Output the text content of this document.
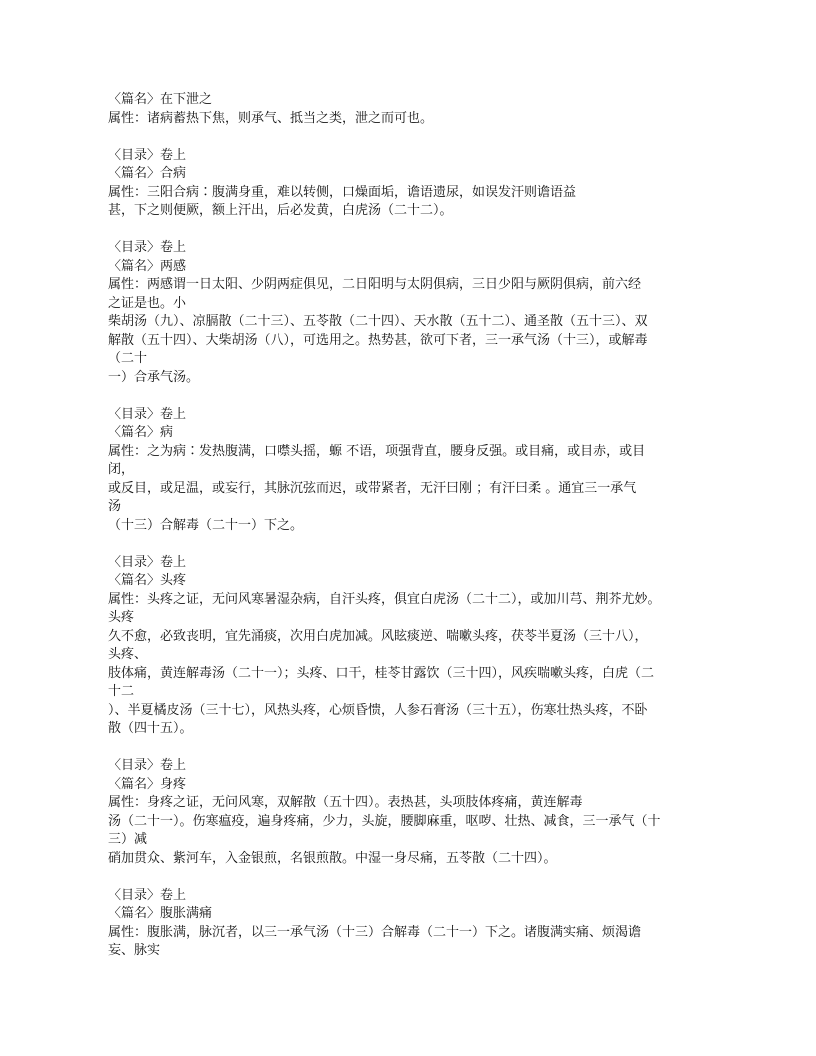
〈篇名〉在下泄之
属性：诸病蓄热下焦，则承气、抵当之类，泄之而可也。
〈目录〉卷上
〈篇名〉合病
属性：三阳合病∶腹满身重，难以转侧，口燥面垢，谵语遗尿，如误发汗则谵语益
甚，下之则便厥，额上汗出，后必发黄，白虎汤（二十二）。
〈目录〉卷上
〈篇名〉两感
属性：两感谓一日太阳、少阴两症俱见，二日阳明与太阴俱病，三日少阳与厥阴俱病，前六经
之证是也。小
柴胡汤（九）、凉膈散（二十三）、五苓散（二十四）、天水散（五十二）、通圣散（五十三）、双
解散（五十四）、大柴胡汤（八），可选用之。热势甚，欲可下者，三一承气汤（十三），或解毒
（二十
一）合承气汤。
〈目录〉卷上
〈篇名〉病
属性：之为病∶发热腹满，口噤头摇，螈 不语，项强背直，腰身反强。或目痛，或目赤，或目
闭，
或反目，或足温，或妄行，其脉沉弦而迟，或带紧者，无汗曰刚 ；有汗曰柔 。通宜三一承气
汤
（十三）合解毒（二十一）下之。
〈目录〉卷上
〈篇名〉头疼
属性：头疼之证，无问风寒暑湿杂病，自汗头疼，俱宜白虎汤（二十二），或加川芎、荆芥尤妙。
头疼
久不愈，必致丧明，宜先涌痰，次用白虎加减。风眩痰逆、喘嗽头疼，茯苓半夏汤（三十八），
头疼、
肢体痛，黄连解毒汤（二十一）；头疼、口干，桂苓甘露饮（三十四），风疾喘嗽头疼，白虎（二
十二
）、半夏橘皮汤（三十七），风热头疼，心烦昏愦，人参石膏汤（三十五），伤寒壮热头疼，不卧
散（四十五）。
〈目录〉卷上
〈篇名〉身疼
属性：身疼之证，无问风寒，双解散（五十四）。表热甚，头项肢体疼痛，黄连解毒
汤（二十一）。伤寒瘟疫，遍身疼痛，少力，头旋，腰脚麻重，呕哕、壮热、减食，三一承气（十
三）减
硝加贯众、紫河车，入金银煎，名银煎散。中湿一身尽痛，五苓散（二十四）。
〈目录〉卷上
〈篇名〉腹胀满痛
属性：腹胀满，脉沉者，以三一承气汤（十三）合解毒（二十一）下之。诸腹满实痛、烦渴谵
妄、脉实
